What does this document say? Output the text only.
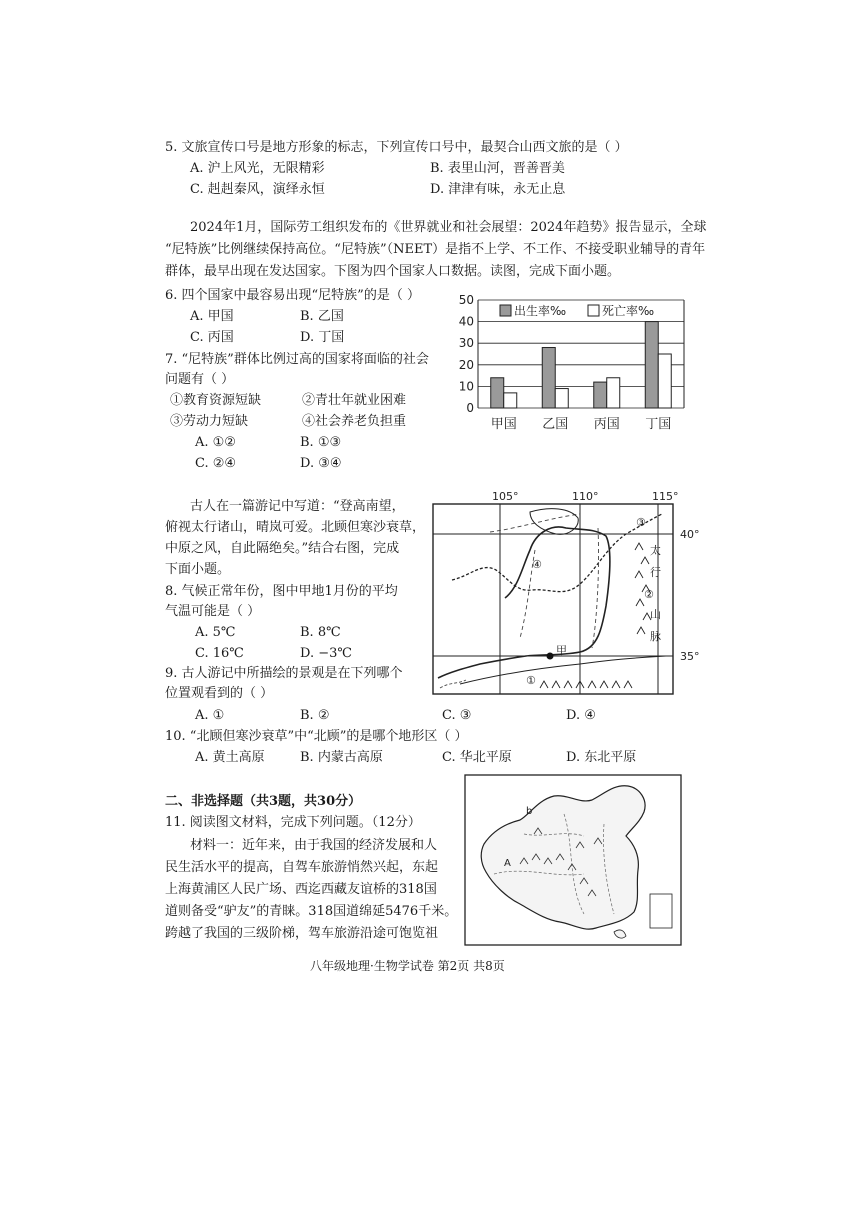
5. 文旅宣传口号是地方形象的标志，下列宣传口号中，最契合山西文旅的是（ ）
A. 沪上风光，无限精彩	B. 表里山河，晋善晋美
C. 赳赳秦风，演绎永恒	D. 津津有味，永无止息
2024年1月，国际劳工组织发布的《世界就业和社会展望：2024年趋势》报告显示，全球
“尼特族”比例继续保持高位。“尼特族”（NEET）是指不上学、不工作、不接受职业辅导的青年
群体，最早出现在发达国家。下图为四个国家人口数据。读图，完成下面小题。
6. 四个国家中最容易出现“尼特族”的是（ ）
A. 甲国	B. 乙国
C. 丙国	D. 丁国
7. “尼特族”群体比例过高的国家将面临的社会
问题有（ ）
①教育资源短缺	②青壮年就业困难
③劳动力短缺	④社会养老负担重
A. ①②	B. ①③
C. ②④	D. ③④
0
10
20
30
40
50
甲国 乙国 丙国 丁国
出生率‰	死亡率‰
古人在一篇游记中写道：“登高南望，
俯视太行诸山，晴岚可爱。北顾但寒沙衰草，
中原之风，自此隔绝矣。”结合右图，完成
下面小题。
8. 气候正常年份，图中甲地1月份的平均
气温可能是（ ）
A. 5℃	B. 8℃
C. 16℃	D. −3℃
9. 古人游记中所描绘的景观是在下列哪个
位置观看到的（ ）
A. ①	B. ②	C. ③	D. ④
10. “北顾但寒沙衰草”中“北顾”的是哪个地形区（ ）
A. 黄土高原	B. 内蒙古高原	C. 华北平原	D. 东北平原
105°	110°	115°
40°
35°
甲
太
行
山
脉
①
②
③
④
二、非选择题（共3题，共30分）
11. 阅读图文材料，完成下列问题。（12分）
材料一：近年来，由于我国的经济发展和人
民生活水平的提高，自驾车旅游悄然兴起，东起
上海黄浦区人民广场、西迄西藏友谊桥的318国
道则备受“驴友”的青睐。318国道绵延5476千米。
跨越了我国的三级阶梯，驾车旅游沿途可饱览祖
A
b
八年级地理·生物学试卷 第2页 共8页
